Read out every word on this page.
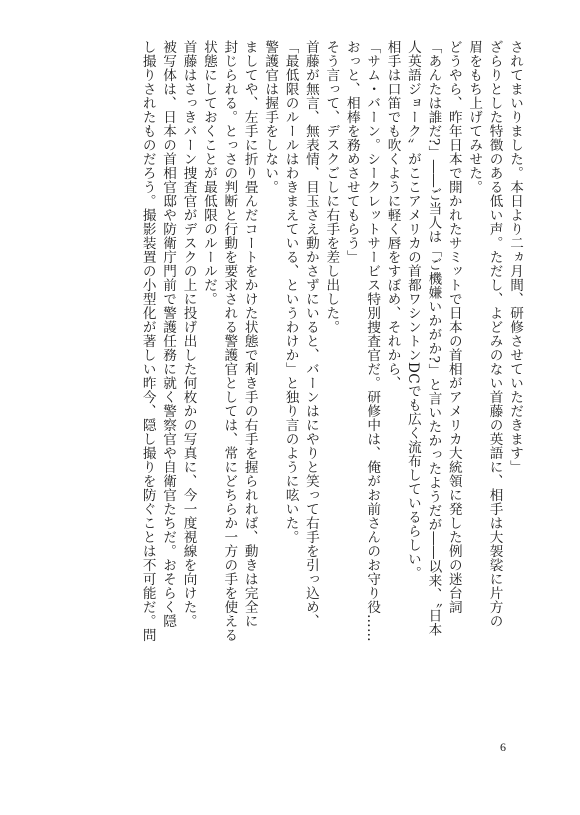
されてまいりました。本日より二ヵ月間、研修させていただきます」
ざらりとした特徴のある低い声。ただし、よどみのない首藤の英語に、相手は大袈裟に片方の
眉をもち上げてみせた。
どうやら、昨年日本で開かれたサミットで日本の首相がアメリカ大統領に発した例の迷台詞
「あんたは誰だ?」――ご当人は「ご機嫌いかがか?」と言いたかったようだが――以来、〝日本
人英語ジョーク〟がここアメリカの首都ワシントンDCでも広く流布しているらしい。
相手は口笛でも吹くように軽く唇をすぼめ、それから、
「サム・バーン。シークレットサービス特別捜査官だ。研修中は、俺がお前さんのお守り役……
おっと、相棒を務めさせてもらう」
そう言って、デスクごしに右手を差し出した。
首藤が無言、無表情、目玉さえ動かさずにいると、バーンはにやりと笑って右手を引っ込め、
「最低限のルールはわきまえている、というわけか」と独り言のように呟いた。
警護官は握手をしない。
ましてや、左手に折り畳んだコートをかけた状態で利き手の右手を握られれば、動きは完全に
封じられる。とっさの判断と行動を要求される警護官としては、常にどちらか一方の手を使える
状態にしておくことが最低限のルールだ。
首藤はさっきバーン捜査官がデスクの上に投げ出した何枚かの写真に、今一度視線を向けた。
被写体は、日本の首相官邸や防衛庁門前で警護任務に就く警察官や自衛官たちだ。おそらく隠
し撮りされたものだろう。撮影装置の小型化が著しい昨今、隠し撮りを防ぐことは不可能だ。問
6
